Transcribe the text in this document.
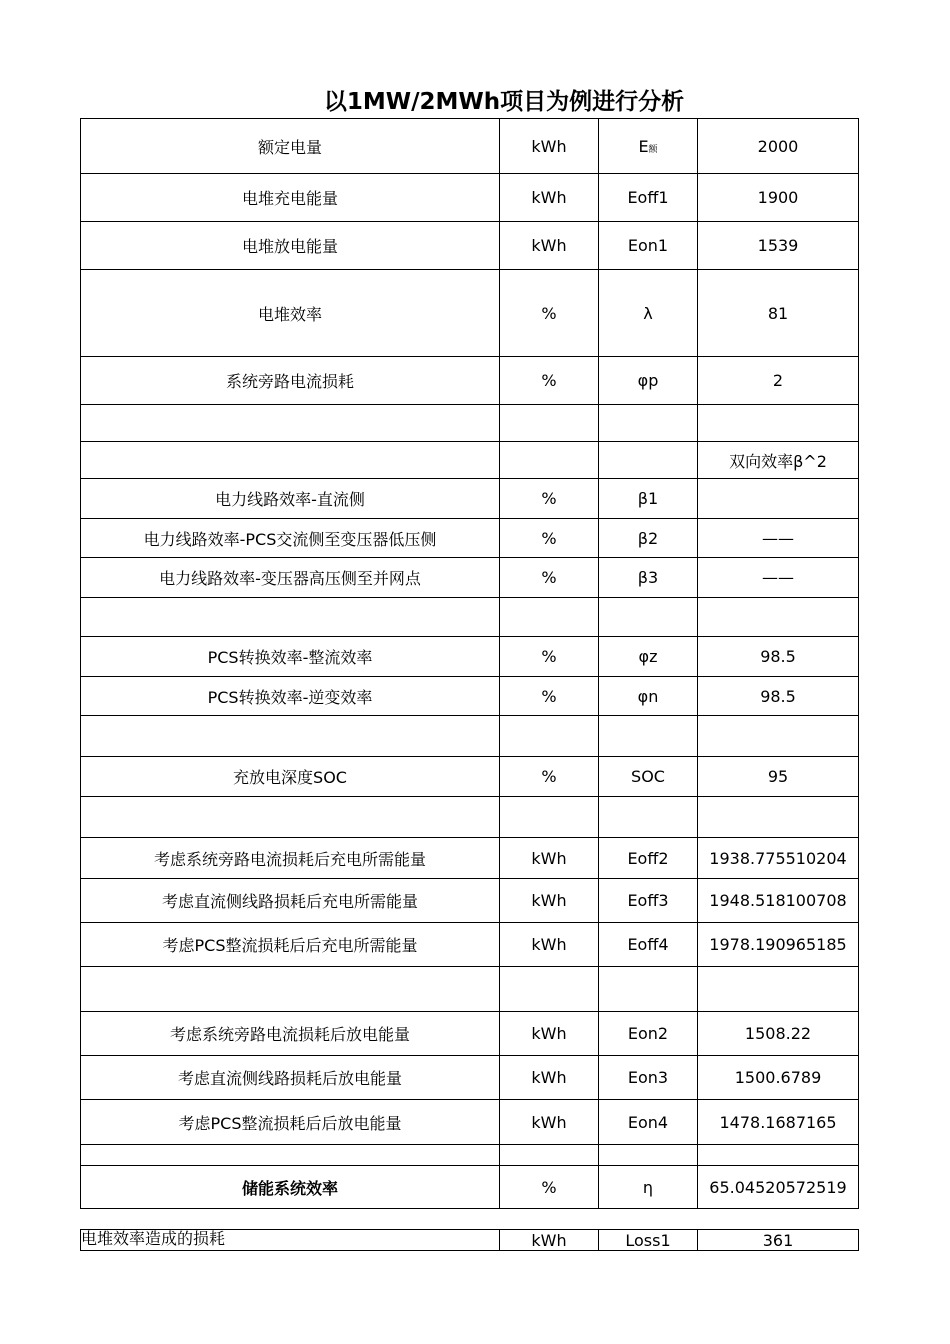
以1MW/2MWh项目为例进行分析
额定电量	kWh	E额	2000
电堆充电能量	kWh	Eoff1	1900
电堆放电能量	kWh	Eon1	1539
电堆效率	%	λ	81
系统旁路电流损耗	%	φp	2

			双向效率β^2
电力线路效率-直流侧	%	β1	
电力线路效率-PCS交流侧至变压器低压侧	%	β2	——
电力线路效率-变压器高压侧至并网点	%	β3	——

PCS转换效率-整流效率	%	φz	98.5
PCS转换效率-逆变效率	%	φn	98.5

充放电深度SOC	%	SOC	95

考虑系统旁路电流损耗后充电所需能量	kWh	Eoff2	1938.775510204
考虑直流侧线路损耗后充电所需能量	kWh	Eoff3	1948.518100708
考虑PCS整流损耗后后充电所需能量	kWh	Eoff4	1978.190965185

考虑系统旁路电流损耗后放电能量	kWh	Eon2	1508.22
考虑直流侧线路损耗后放电能量	kWh	Eon3	1500.6789
考虑PCS整流损耗后后放电能量	kWh	Eon4	1478.1687165

储能系统效率	%	η	65.04520572519
电堆效率造成的损耗	kWh	Loss1	361
